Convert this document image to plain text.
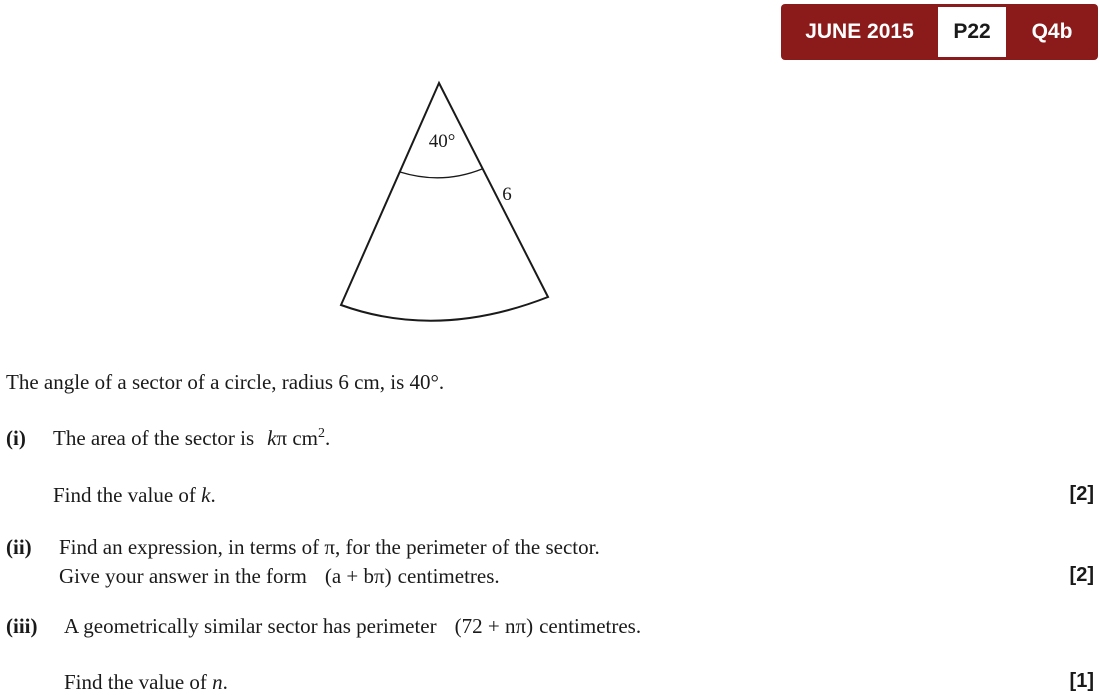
JUNE 2015	P22	Q4b
40°
6
The angle of a sector of a circle, radius 6 cm, is 40°.
(i) The area of the sector is kπ $cm^2$.
Find the value of k.	[2]
(ii) Find an expression, in terms of π, for the perimeter of the sector.
Give your answer in the form (a + bπ) centimetres.	[2]
(iii) A geometrically similar sector has perimeter (72 + nπ) centimetres.
Find the value of n.	[1]
